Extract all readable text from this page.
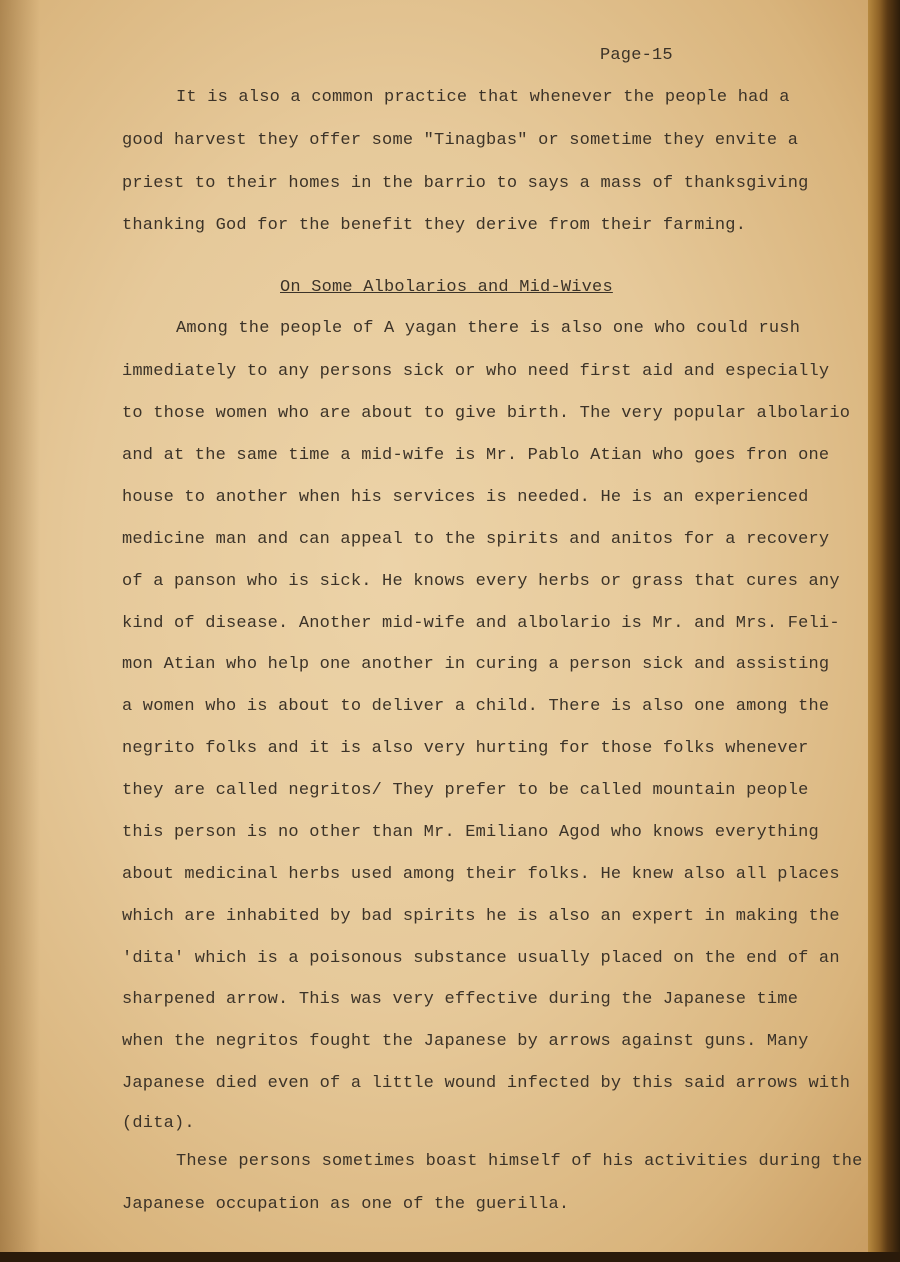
Page-15
It is also a common practice that whenever the people had a
good harvest they offer some "Tinagbas" or sometime they envite a
priest to their homes in the barrio to says a mass of thanksgiving
thanking God for the benefit they derive from their farming.
On Some Albolarios and Mid-Wives
Among the people of A yagan there is also one who could rush
immediately to any persons sick or who need first aid and especially
to those women who are about to give birth. The very popular albolario
and at the same time a mid-wife is Mr. Pablo Atian who goes fron one
house to another when his services is needed. He is an experienced
medicine man and can appeal to the spirits and anitos for a recovery
of a panson who is sick. He knows every herbs or grass that cures any
kind of disease. Another mid-wife and albolario is Mr. and Mrs. Feli-
mon Atian who help one another in curing a person sick and assisting
a women who is about to deliver a child. There is also one among the
negrito folks and it is also very hurting for those folks whenever
they are called negritos/ They prefer to be called mountain people
this person is no other than Mr. Emiliano Agod who knows everything
about medicinal herbs used among their folks. He knew also all places
which are inhabited by bad spirits he is also an expert in making the
'dita' which is a poisonous substance usually placed on the end of an
sharpened arrow. This was very effective during the Japanese time
when the negritos fought the Japanese by arrows against guns. Many
Japanese died even of a little wound infected by this said arrows with
(dita).
These persons sometimes boast himself of his activities during the
Japanese occupation as one of the guerilla.
